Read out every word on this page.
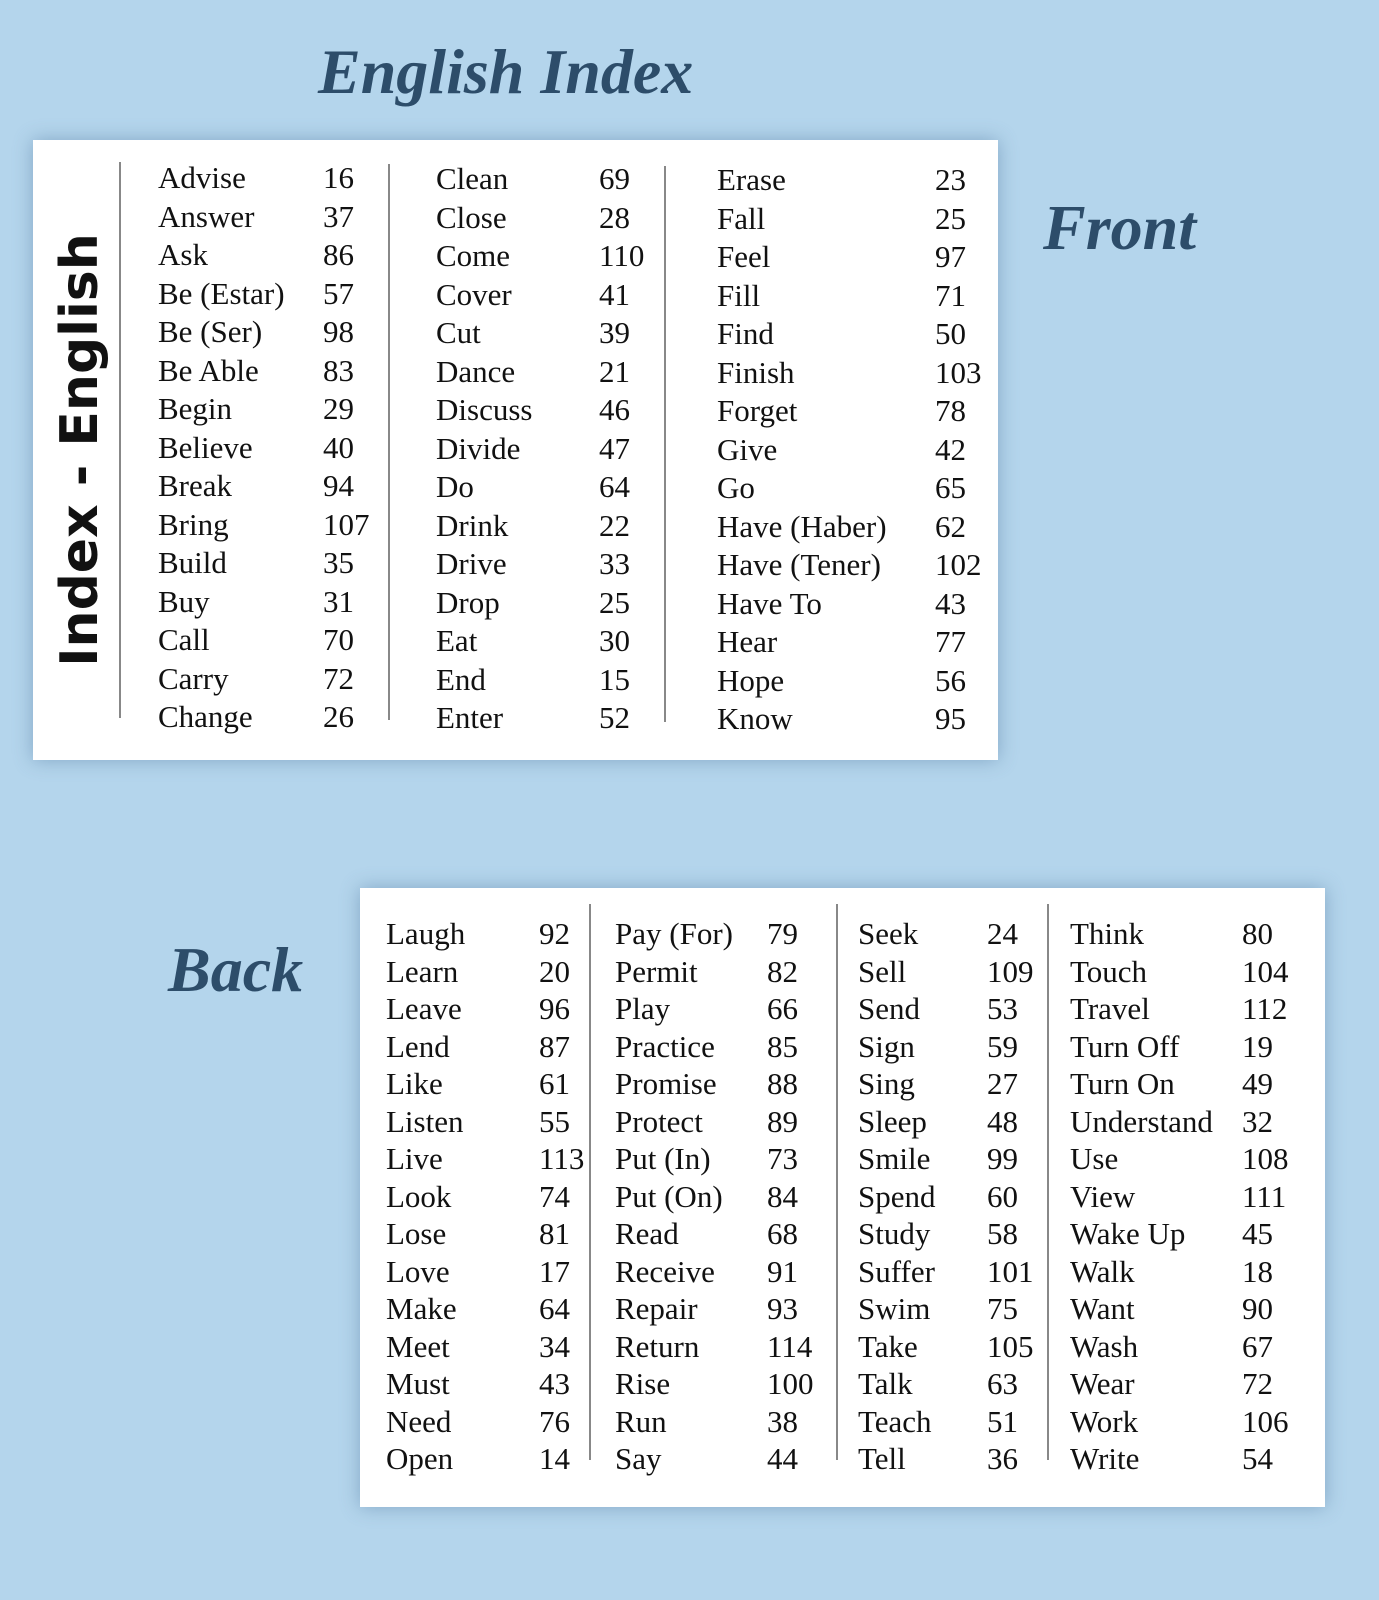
English Index
Front
Back
Index - English
Advise 16
Answer 37
Ask	86
Be (Estar) 57
Be (Ser) 98
Be Able 83
Begin	29
Believe 40
Break	94
Bring	107
Build	35
Buy	31
Call	70
Carry	72
Change 26
Clean	69
Close	28
Come	110
Cover	41
Cut	39
Dance	21
Discuss 46
Divide	47
Do	64
Drink	22
Drive	33
Drop	25
Eat	30
End	15
Enter	52
Erase	23
Fall	25
Feel	97
Fill	71
Find	50
Finish	103
Forget	78
Give	42
Go	65
Have (Haber) 62
Have (Tener) 102
Have To	43
Hear	77
Hope	56
Know	95
Laugh 92
Learn	20
Leave 96
Lend	87
Like	61
Listen 55
Live	113
Look	74
Lose	81
Love	17
Make	64
Meet	34
Must	43
Need	76
Open	14
Pay (For) 79
Permit 82
Play	66
Practice 85
Promise 88
Protect 89
Put (In) 73
Put (On) 84
Read	68
Receive 91
Repair 93
Return 114
Rise	100
Run	38
Say	44
Seek 24
Sell	109
Send 53
Sign 59
Sing 27
Sleep 48
Smile 99
Spend 60
Study 58
Suffer 101
Swim 75
Take 105
Talk 63
Teach 51
Tell	36
Think	80
Touch	104
Travel	112
Turn Off 19
Turn On 49
Understand 32
Use	108
View	111
Wake Up 45
Walk	18
Want	90
Wash	67
Wear	72
Work	106
Write	54
